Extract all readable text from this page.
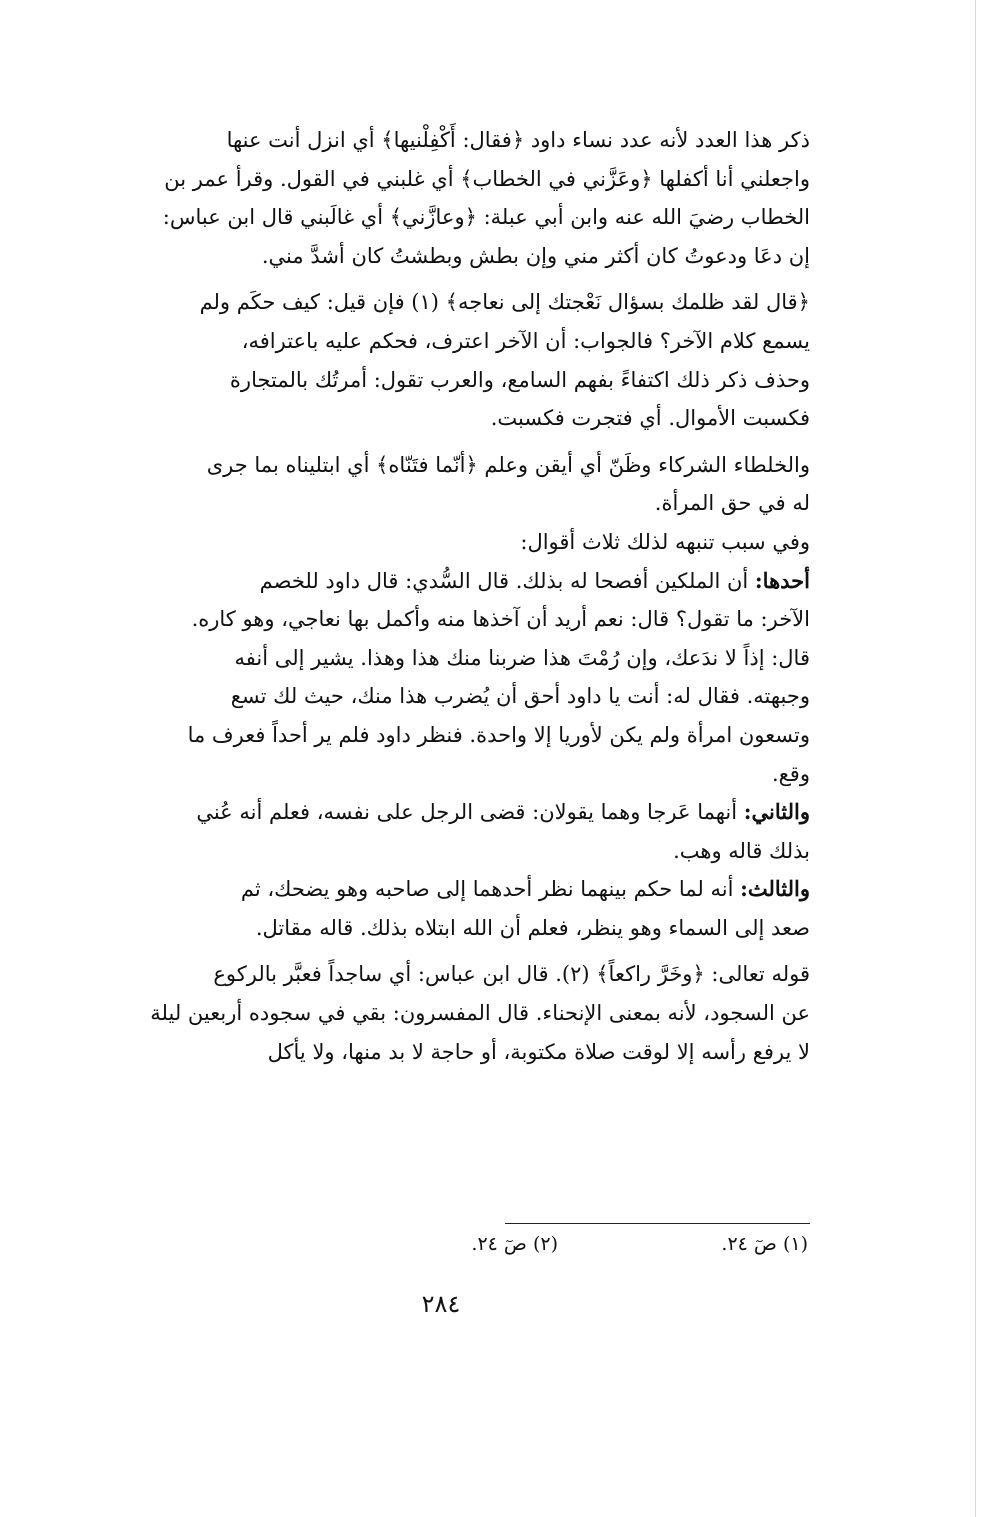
ذكر هذا العدد لأنه عدد نساء داود ﴿فقال: أَكْفِلْنيها﴾ أي انزل أنت عنها
واجعلني أنا أكفلها ﴿وعَزَّني في الخطاب﴾ أي غلبني في القول. وقرأ عمر بن
الخطاب رضيَ الله عنه وابن أبي عبلة: ﴿وعازَّني﴾ أي غالَبني قال ابن عباس:
إن دعَا ودعوتُ كان أكثر مني وإن بطش وبطشتُ كان أشدَّ مني.

﴿قال لقد ظلمك بسؤال نَعْجتك إلى نعاجه﴾ (١) فإن قيل: كيف حكَم ولم
يسمع كلام الآخر؟ فالجواب: أن الآخر اعترف، فحكم عليه باعترافه،
وحذف ذكر ذلك اكتفاءً بفهم السامع، والعرب تقول: أمرتُك بالمتجارة
فكسبت الأموال. أي فتجرت فكسبت.

والخلطاء الشركاء وظَنّ أي أيقن وعلم ﴿أنّما فتَنّاه﴾ أي ابتليناه بما جرى
له في حق المرأة.

وفي سبب تنبهه لذلك ثلاث أقوال:

أحدها: أن الملكين أفصحا له بذلك. قال السُّدي: قال داود للخصم
الآخر: ما تقول؟ قال: نعم أريد أن آخذها منه وأكمل بها نعاجي، وهو كاره.
قال: إذاً لا ندَعك، وإن رُمْتَ هذا ضربنا منك هذا وهذا. يشير إلى أنفه
وجبهته. فقال له: أنت يا داود أحق أن يُضرب هذا منك، حيث لك تسع
وتسعون امرأة ولم يكن لأوريا إلا واحدة. فنظر داود فلم ير أحداً فعرف ما
وقع.

والثاني: أنهما عَرجا وهما يقولان: قضى الرجل على نفسه، فعلم أنه عُني
بذلك قاله وهب.

والثالث: أنه لما حكم بينهما نظر أحدهما إلى صاحبه وهو يضحك، ثم
صعد إلى السماء وهو ينظر، فعلم أن الله ابتلاه بذلك. قاله مقاتل.

قوله تعالى: ﴿وخَرَّ راكعاً﴾ (٢). قال ابن عباس: أي ساجداً فعبَّر بالركوع
عن السجود، لأنه بمعنى الإنحناء. قال المفسرون: بقي في سجوده أربعين ليلة
لا يرفع رأسه إلا لوقت صلاة مكتوبة، أو حاجة لا بد منها، ولا يأكل

(١) صٓ ٢٤.
(٢) صٓ ٢٤.
٢٨٤
